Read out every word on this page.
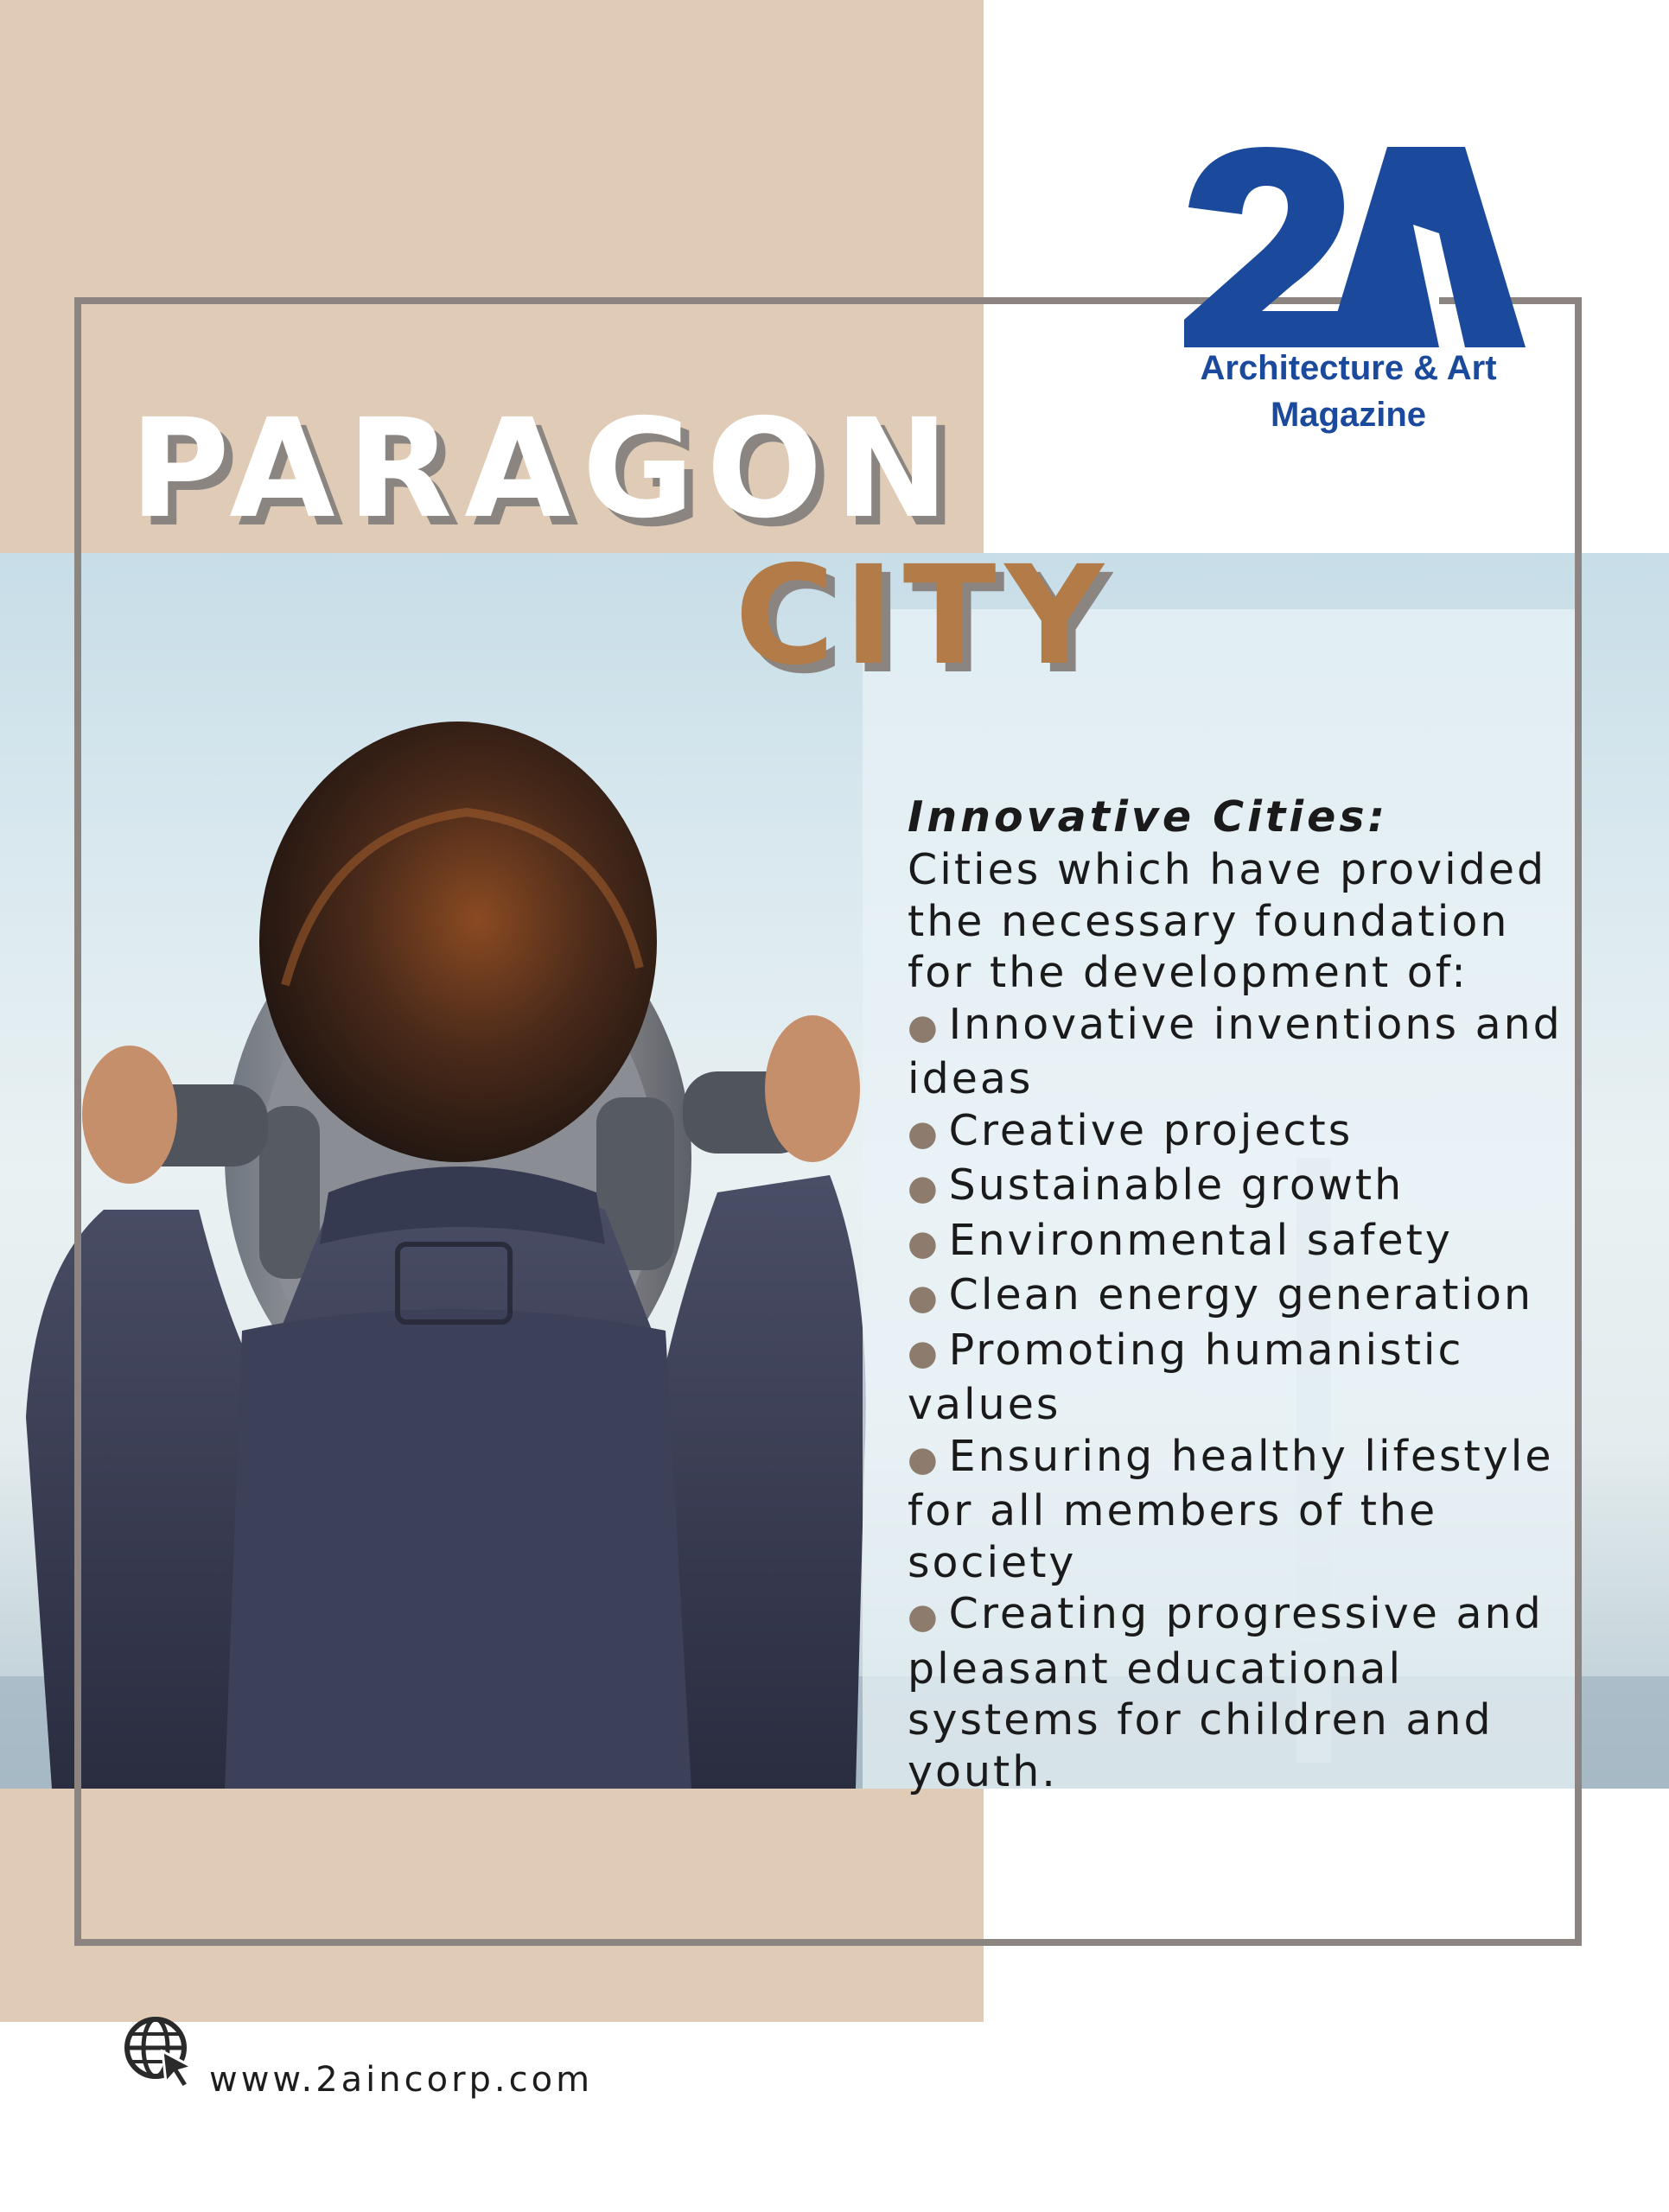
Architecture & Art
Magazine
PARAGON
CITY
Innovative Cities:
Cities which have provided
the necessary foundation
for the development of:
● Innovative inventions and
ideas
● Creative projects
● Sustainable growth
● Environmental safety
● Clean energy generation
● Promoting humanistic
values
● Ensuring healthy lifestyle
for all members of the
society
● Creating progressive and
pleasant educational
systems for children and
youth.
www.2aincorp.com
